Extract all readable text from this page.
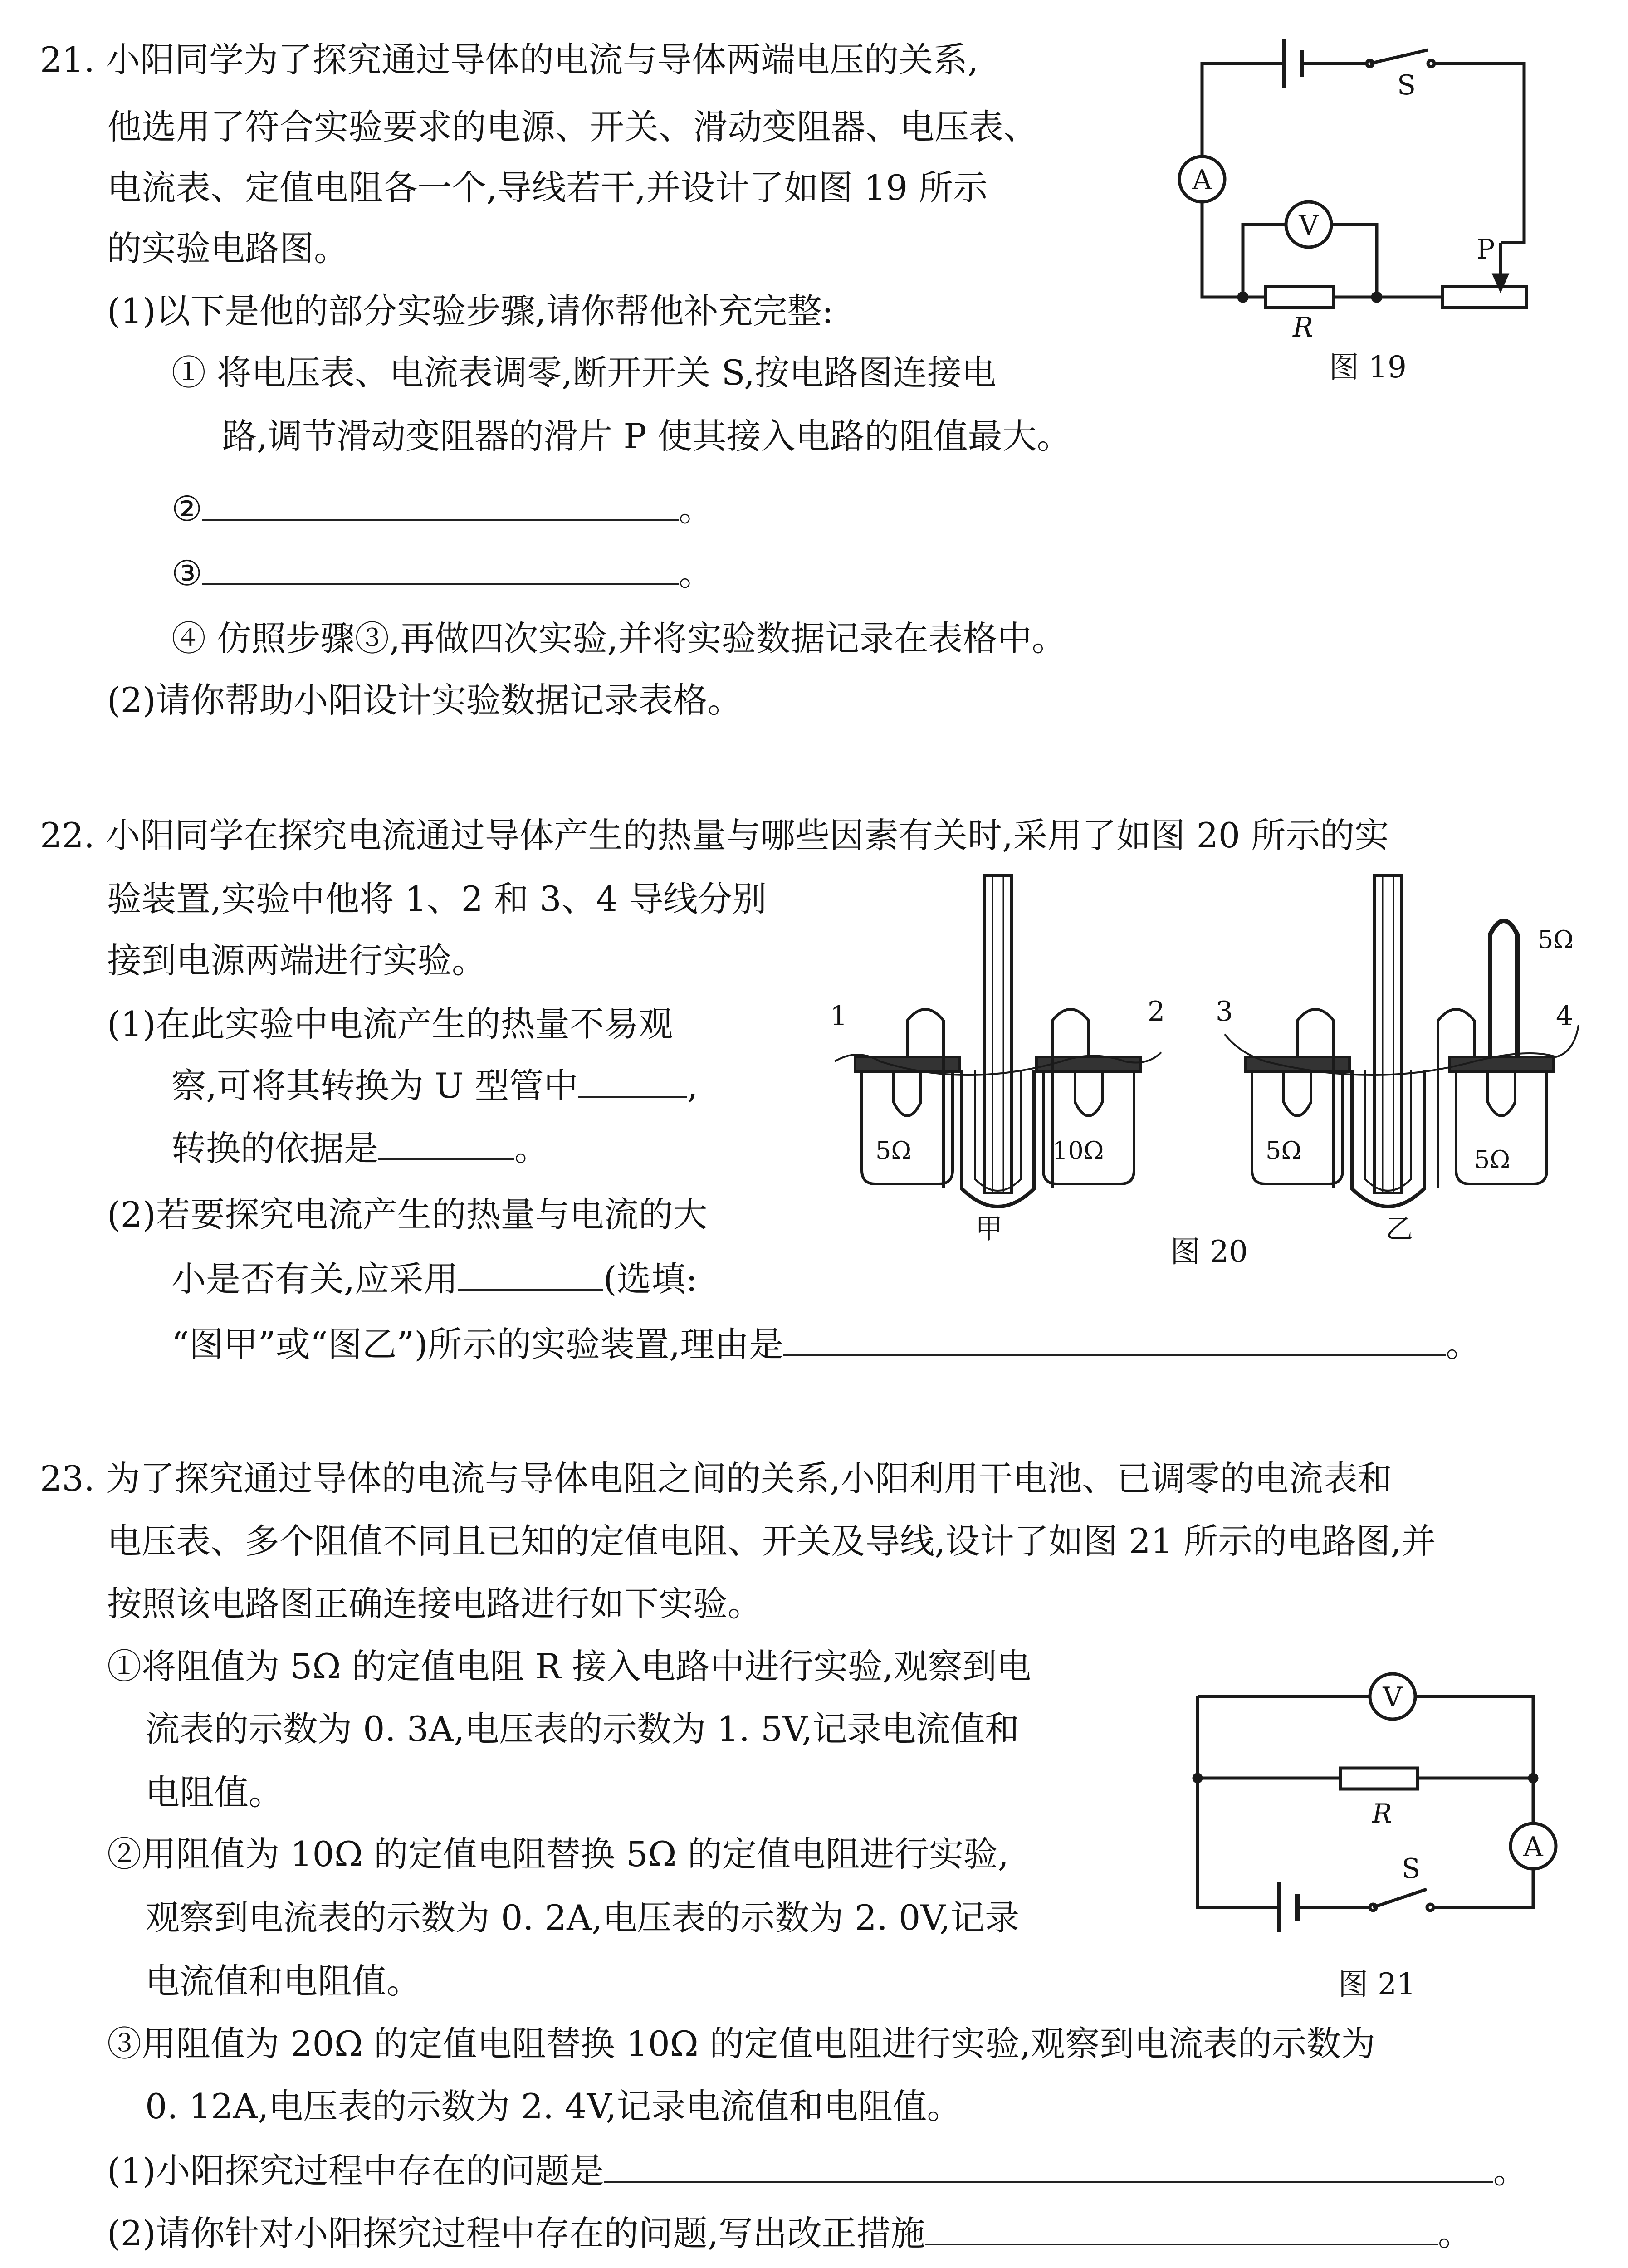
21. 小阳同学为了探究通过导体的电流与导体两端电压的关系,
他选用了符合实验要求的电源、开关、滑动变阻器、电压表、
电流表、定值电阻各一个,导线若干,并设计了如图 19 所示
的实验电路图。
(1)以下是他的部分实验步骤,请你帮他补充完整:
① 将电压表、电流表调零,断开开关 S,按电路图连接电
路,调节滑动变阻器的滑片 P 使其接入电路的阻值最大。
②	。
③	。
④ 仿照步骤③,再做四次实验,并将实验数据记录在表格中。
(2)请你帮助小阳设计实验数据记录表格。
A
V
S
P
R
图 19
22. 小阳同学在探究电流通过导体产生的热量与哪些因素有关时,采用了如图 20 所示的实
验装置,实验中他将 1、2 和 3、4 导线分别
接到电源两端进行实验。
(1)在此实验中电流产生的热量不易观
察,可将其转换为 U 型管中	,
转换的依据是	。
(2)若要探究电流产生的热量与电流的大
小是否有关,应采用	(选填:
“图甲”或“图乙”)所示的实验装置,理由是	。
1	2
5Ω	10Ω
甲
3	4
5Ω
5Ω	5Ω
乙
图 20
23. 为了探究通过导体的电流与导体电阻之间的关系,小阳利用干电池、已调零的电流表和
电压表、多个阻值不同且已知的定值电阻、开关及导线,设计了如图 21 所示的电路图,并
按照该电路图正确连接电路进行如下实验。
①将阻值为 5Ω 的定值电阻 R 接入电路中进行实验,观察到电
流表的示数为 0. 3A,电压表的示数为 1. 5V,记录电流值和
电阻值。
②用阻值为 10Ω 的定值电阻替换 5Ω 的定值电阻进行实验,
观察到电流表的示数为 0. 2A,电压表的示数为 2. 0V,记录
电流值和电阻值。
③用阻值为 20Ω 的定值电阻替换 10Ω 的定值电阻进行实验,观察到电流表的示数为
0. 12A,电压表的示数为 2. 4V,记录电流值和电阻值。
(1)小阳探究过程中存在的问题是	。
(2)请你针对小阳探究过程中存在的问题,写出改正措施	。
V
R
A
S
图 21
